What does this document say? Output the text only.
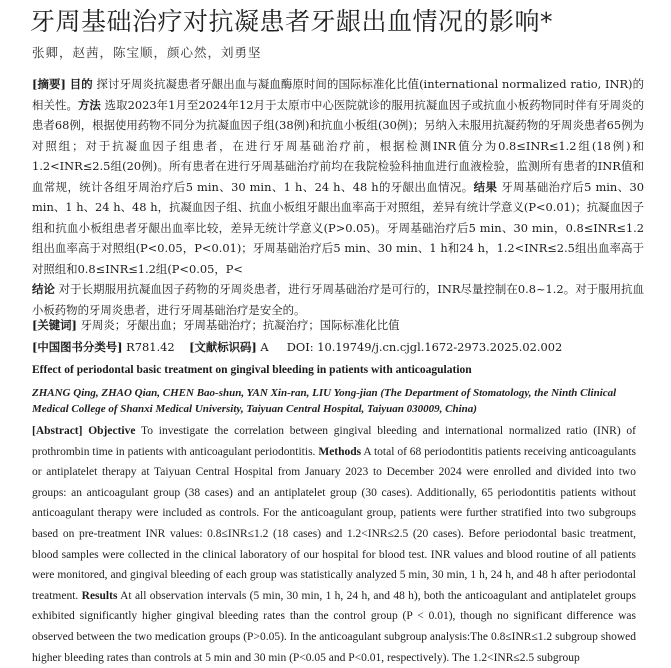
牙周基础治疗对抗凝患者牙龈出血情况的影响*
张卿，赵茜，陈宝顺，颜心然，刘勇坚
[摘要] 目的 探讨牙周炎抗凝患者牙龈出血与凝血酶原时间的国际标准化比值(international normalized ratio, INR)的相关性。方法 选取2023年1月至2024年12月于太原市中心医院就诊的服用抗凝血因子或抗血小板药物同时伴有牙周炎的患者68例，根据使用药物不同分为抗凝血因子组(38例)和抗血小板组(30例)；另纳入未服用抗凝药物的牙周炎患者65例为对照组；对于抗凝血因子组患者，在进行牙周基础治疗前，根据检测INR值分为0.8≤INR≤1.2组(18例)和1.2<INR≤2.5组(20例)。所有患者在进行牙周基础治疗前均在我院检验科抽血进行血液检验，监测所有患者的INR值和血常规，统计各组牙周治疗后5 min、30 min、1 h、24 h、48 h的牙龈出血情况。结果 牙周基础治疗后5 min、30 min、1 h、24 h、48 h，抗凝血因子组、抗血小板组牙龈出血率高于对照组，差异有统计学意义(P<0.01)；抗凝血因子组和抗血小板组患者牙龈出血率比较，差异无统计学意义(P>0.05)。牙周基础治疗后5 min、30 min，0.8≤INR≤1.2组出血率高于对照组(P<0.05，P<0.01)；牙周基础治疗后5 min、30 min、1 h和24 h，1.2<INR≤2.5组出血率高于对照组和0.8≤INR≤1.2组(P<0.05，P<
结论 对于长期服用抗凝血因子药物的牙周炎患者，进行牙周基础治疗是可行的，INR尽量控制在0.8~1.2。对于服用抗血小板药物的牙周炎患者，进行牙周基础治疗是安全的。
[关键词] 牙周炎；牙龈出血；牙周基础治疗；抗凝治疗；国际标准化比值
[中国图书分类号] R781.42 [文献标识码] A DOI: 10.19749/j.cn.cjgl.1672-2973.2025.02.002
Effect of periodontal basic treatment on gingival bleeding in patients with anticoagulation
ZHANG Qing, ZHAO Qian, CHEN Bao-shun, YAN Xin-ran, LIU Yong-jian (The Department of Stomatology, the Ninth Clinical Medical College of Shanxi Medical University, Taiyuan Central Hospital, Taiyuan 030009, China)
[Abstract] Objective To investigate the correlation between gingival bleeding and international normalized ratio (INR) of prothrombin time in patients with anticoagulant periodontitis. Methods A total of 68 periodontitis patients receiving anticoagulants or antiplatelet therapy at Taiyuan Central Hospital from January 2023 to December 2024 were enrolled and divided into two groups: an anticoagulant group (38 cases) and an antiplatelet group (30 cases). Additionally, 65 periodontitis patients without anticoagulant therapy were included as controls. For the anticoagulant group, patients were further stratified into two subgroups based on pre-treatment INR values: 0.8≤INR≤1.2 (18 cases) and 1.2<INR≤2.5 (20 cases). Before periodontal basic treatment, blood samples were collected in the clinical laboratory of our hospital for blood test. INR values and blood routine of all patients were monitored, and gingival bleeding of each group was statistically analyzed 5 min, 30 min, 1 h, 24 h, and 48 h after periodontal treatment. Results At all observation intervals (5 min, 30 min, 1 h, 24 h, and 48 h), both the anticoagulant and antiplatelet groups exhibited significantly higher gingival bleeding rates than the control group (P < 0.01), though no significant difference was observed between the two medication groups (P>0.05). In the anticoagulant subgroup analysis:The 0.8≤INR≤1.2 subgroup showed higher bleeding rates than controls at 5 min and 30 min (P<0.05 and P<0.01, respectively). The 1.2<INR≤2.5 subgroup
